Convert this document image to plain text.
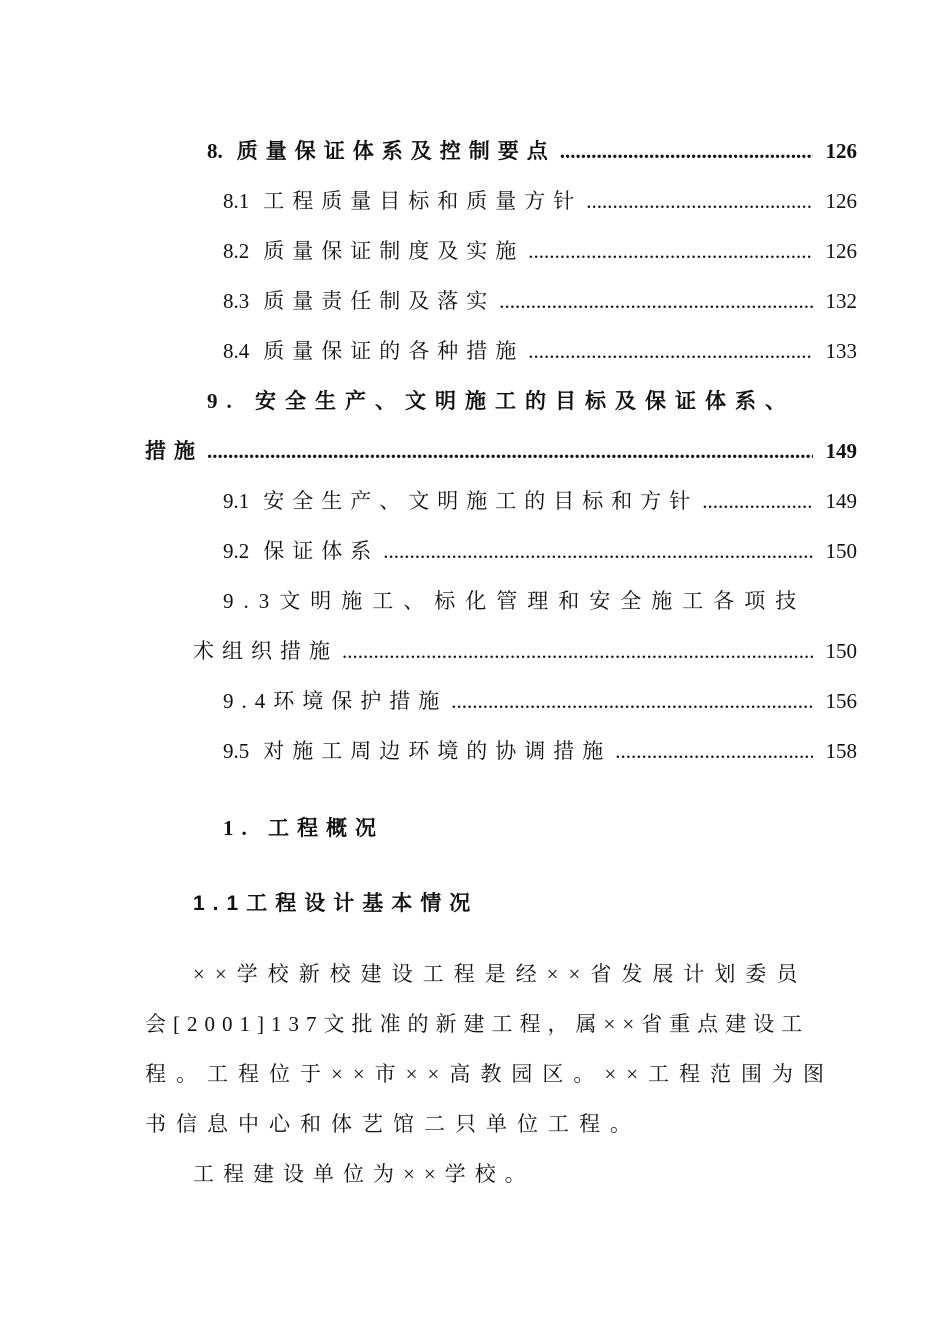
8. 质量保证体系及控制要点 .....	126
8.1 工程质量目标和质量方针 .....	126
8.2 质量保证制度及实施 .....	126
8.3 质量责任制及落实 .....	132
8.4 质量保证的各种措施 .....	133
9. 安全生产、文明施工的目标及保证体系、
措施 .....	149
9.1 安全生产、文明施工的目标和方针 .....	149
9.2 保证体系 .....	150
9.3文明施工、标化管理和安全施工各项技
术组织措施 .....	150
9.4环境保护措施 .....	156
9.5 对施工周边环境的协调措施 .....	158
1. 工程概况
1.1工程设计基本情况
××学校新校建设工程是经××省发展计划委员
会[2001]137文批准的新建工程，属××省重点建设工
程。工程位于××市××高教园区。××工程范围为图
书信息中心和体艺馆二只单位工程。
工程建设单位为××学校。
